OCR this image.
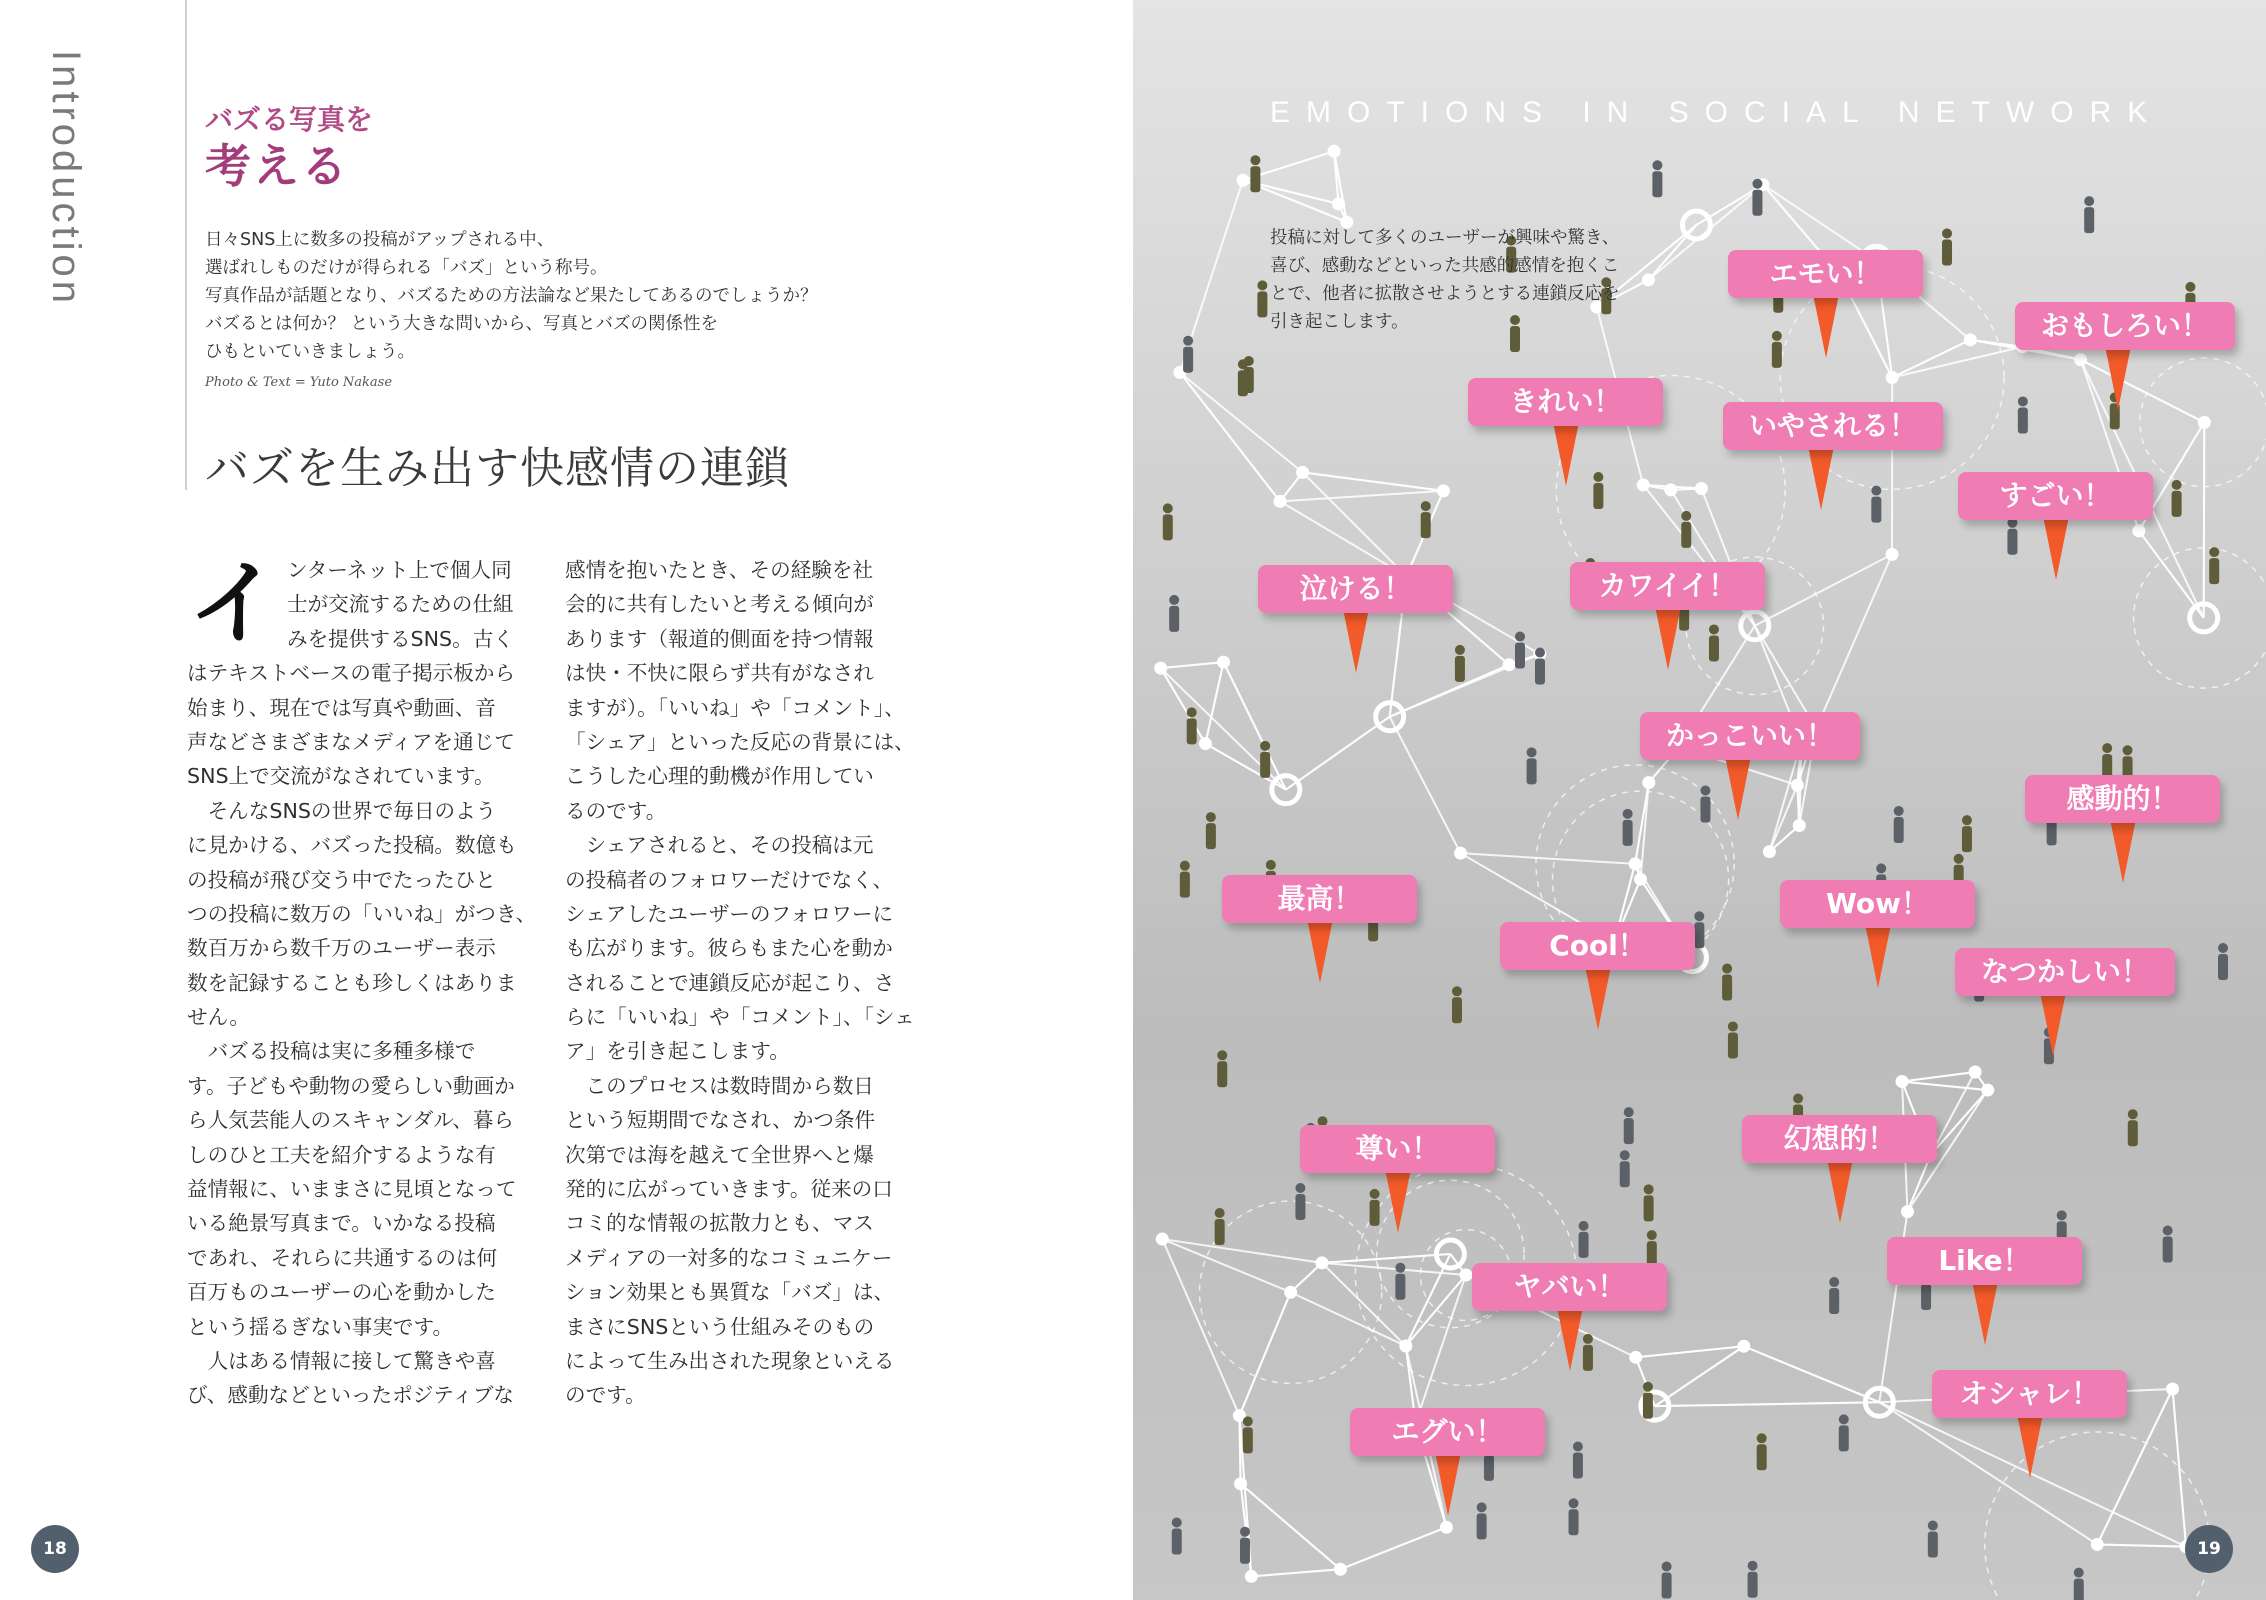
Introduction	バズる写真を
考える
日々SNS上に数多の投稿がアップされる中、
選ばれしものだけが得られる「バズ」という称号。
写真作品が話題となり、バズるための方法論など果たしてあるのでしょうか？
バズるとは何か？ という大きな問いから、写真とバズの関係性を
ひもといていきましょう。
Photo & Text = Yuto Nakase
バズを生み出す快感情の連鎖
イ ンターネット上で個人同
士が交流するための仕組
みを提供するSNS。古く
はテキストベースの電子掲示板から
始まり、現在では写真や動画、音
声などさまざまなメディアを通じて
SNS上で交流がなされています。
　そんなSNSの世界で毎日のよう
に見かける、バズった投稿。数億も
の投稿が飛び交う中でたったひと
つの投稿に数万の「いいね」がつき、
数百万から数千万のユーザー表示
数を記録することも珍しくはありま
せん。
　バズる投稿は実に多種多様で
す。子どもや動物の愛らしい動画か
ら人気芸能人のスキャンダル、暮ら
しのひと工夫を紹介するような有
益情報に、いままさに見頃となって
いる絶景写真まで。いかなる投稿
であれ、それらに共通するのは何
百万ものユーザーの心を動かした
という揺るぎない事実です。
　人はある情報に接して驚きや喜
び、感動などといったポジティブな
感情を抱いたとき、その経験を社
会的に共有したいと考える傾向が
あります（報道的側面を持つ情報
は快・不快に限らず共有がなされ
ますが）。「いいね」や「コメント」、
「シェア」といった反応の背景には、
こうした心理的動機が作用してい
るのです。
　シェアされると、その投稿は元
の投稿者のフォロワーだけでなく、
シェアしたユーザーのフォロワーに
も広がります。彼らもまた心を動か
されることで連鎖反応が起こり、さ
らに「いいね」や「コメント」、「シェ
ア」を引き起こします。
　このプロセスは数時間から数日
という短期間でなされ、かつ条件
次第では海を越えて全世界へと爆
発的に広がっていきます。従来の口
コミ的な情報の拡散力とも、マス
メディアの一対多的なコミュニケー
ション効果とも異質な「バズ」は、
まさにSNSという仕組みそのもの
によって生み出された現象といえる
のです。
18
EMOTIONS IN SOCIAL NETWORK
投稿に対して多くのユーザーが興味や驚き、
喜び、感動などといった共感的感情を抱くこ
とで、他者に拡散させようとする連鎖反応を
引き起こします。
エモい！
おもしろい！
きれい！
いやされる！
すごい！
泣ける！	カワイイ！
かっこいい！
感動的！
最高！	Wow！
Cool！
なつかしい！
尊い！	幻想的！
Like！
ヤバい！
オシャレ！
エグい！
19
